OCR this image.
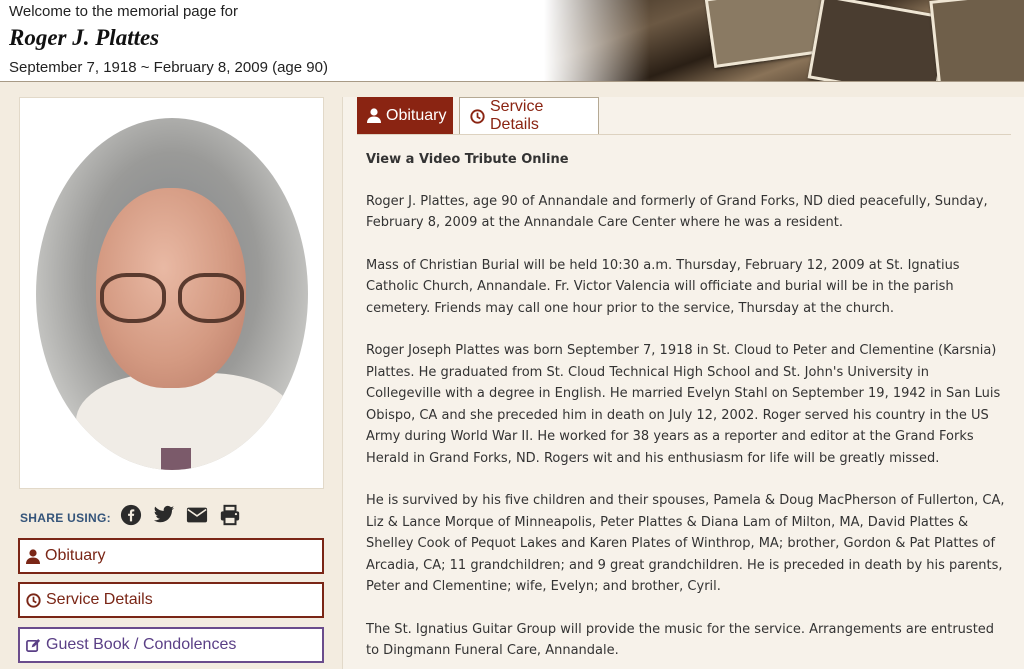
Welcome to the memorial page for
Roger J. Plattes
September 7, 1918 ~ February 8, 2009 (age 90)
SHARE USING:
Obituary
Service Details
Guest Book / Condolences
Obituary	Service Details
View a Video Tribute Online

Roger J. Plattes, age 90 of Annandale and formerly of Grand Forks, ND died peacefully, Sunday, February 8, 2009 at the Annandale Care Center where he was a resident.

Mass of Christian Burial will be held 10:30 a.m. Thursday, February 12, 2009 at St. Ignatius Catholic Church, Annandale. Fr. Victor Valencia will officiate and burial will be in the parish cemetery. Friends may call one hour prior to the service, Thursday at the church.

Roger Joseph Plattes was born September 7, 1918 in St. Cloud to Peter and Clementine (Karsnia) Plattes. He graduated from St. Cloud Technical High School and St. John's University in Collegeville with a degree in English. He married Evelyn Stahl on September 19, 1942 in San Luis Obispo, CA and she preceded him in death on July 12, 2002. Roger served his country in the US Army during World War II. He worked for 38 years as a reporter and editor at the Grand Forks Herald in Grand Forks, ND. Rogers wit and his enthusiasm for life will be greatly missed.

He is survived by his five children and their spouses, Pamela & Doug MacPherson of Fullerton, CA, Liz & Lance Morque of Minneapolis, Peter Plattes & Diana Lam of Milton, MA, David Plattes & Shelley Cook of Pequot Lakes and Karen Plates of Winthrop, MA; brother, Gordon & Pat Plattes of Arcadia, CA; 11 grandchildren; and 9 great grandchildren. He is preceded in death by his parents, Peter and Clementine; wife, Evelyn; and brother, Cyril.

The St. Ignatius Guitar Group will provide the music for the service. Arrangements are entrusted to Dingmann Funeral Care, Annandale.
